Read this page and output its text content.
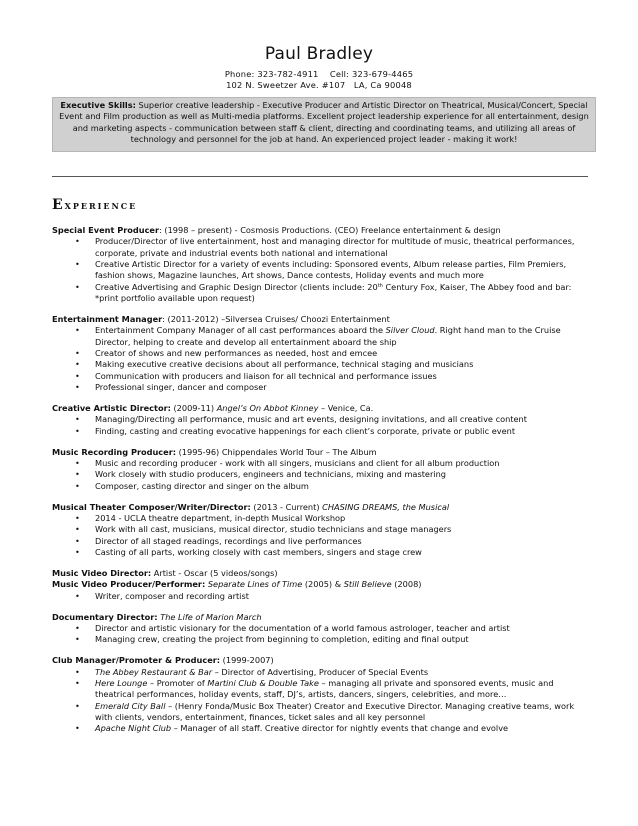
Paul Bradley
Phone: 323-782-4911    Cell: 323-679-4465
102 N. Sweetzer Ave. #107   LA, Ca 90048
Executive Skills: Superior creative leadership - Executive Producer and Artistic Director on Theatrical, Musical/Concert, Special Event and Film production as well as Multi-media platforms. Excellent project leadership experience for all entertainment, design and marketing aspects - communication between staff & client, directing and coordinating teams, and utilizing all areas of technology and personnel for the job at hand. An experienced project leader - making it work!
Experience
Special Event Producer: (1998 – present) - Cosmosis Productions. (CEO) Freelance entertainment & design
• Producer/Director of live entertainment, host and managing director for multitude of music, theatrical performances, corporate, private and industrial events both national and international
• Creative Artistic Director for a variety of events including: Sponsored events, Album release parties, Film Premiers, fashion shows, Magazine launches, Art shows, Dance contests, Holiday events and much more
• Creative Advertising and Graphic Design Director (clients include: 20th Century Fox, Kaiser, The Abbey food and bar: *print portfolio available upon request)
Entertainment Manager: (2011-2012) –Silversea Cruises/ Choozi Entertainment
• Entertainment Company Manager of all cast performances aboard the Silver Cloud. Right hand man to the Cruise Director, helping to create and develop all entertainment aboard the ship
• Creator of shows and new performances as needed, host and emcee
• Making executive creative decisions about all performance, technical staging and musicians
• Communication with producers and liaison for all technical and performance issues
• Professional singer, dancer and composer
Creative Artistic Director: (2009-11) Angel’s On Abbot Kinney – Venice, Ca.
• Managing/Directing all performance, music and art events, designing invitations, and all creative content
• Finding, casting and creating evocative happenings for each client’s corporate, private or public event
Music Recording Producer: (1995-96) Chippendales World Tour – The Album
• Music and recording producer - work with all singers, musicians and client for all album production
• Work closely with studio producers, engineers and technicians, mixing and mastering
• Composer, casting director and singer on the album
Musical Theater Composer/Writer/Director: (2013 - Current) CHASING DREAMS, the Musical
• 2014 - UCLA theatre department, in-depth Musical Workshop
• Work with all cast, musicians, musical director, studio technicians and stage managers
• Director of all staged readings, recordings and live performances
• Casting of all parts, working closely with cast members, singers and stage crew
Music Video Director: Artist - Oscar (5 videos/songs)
Music Video Producer/Performer: Separate Lines of Time (2005) & Still Believe (2008)
• Writer, composer and recording artist
Documentary Director: The Life of Marion March
• Director and artistic visionary for the documentation of a world famous astrologer, teacher and artist
• Managing crew, creating the project from beginning to completion, editing and final output
Club Manager/Promoter & Producer: (1999-2007)
• The Abbey Restaurant & Bar – Director of Advertising, Producer of Special Events
• Here Lounge – Promoter of Martini Club & Double Take – managing all private and sponsored events, music and theatrical performances, holiday events, staff, DJ’s, artists, dancers, singers, celebrities, and more…
• Emerald City Ball – (Henry Fonda/Music Box Theater) Creator and Executive Director. Managing creative teams, work with clients, vendors, entertainment, finances, ticket sales and all key personnel
• Apache Night Club – Manager of all staff. Creative director for nightly events that change and evolve
